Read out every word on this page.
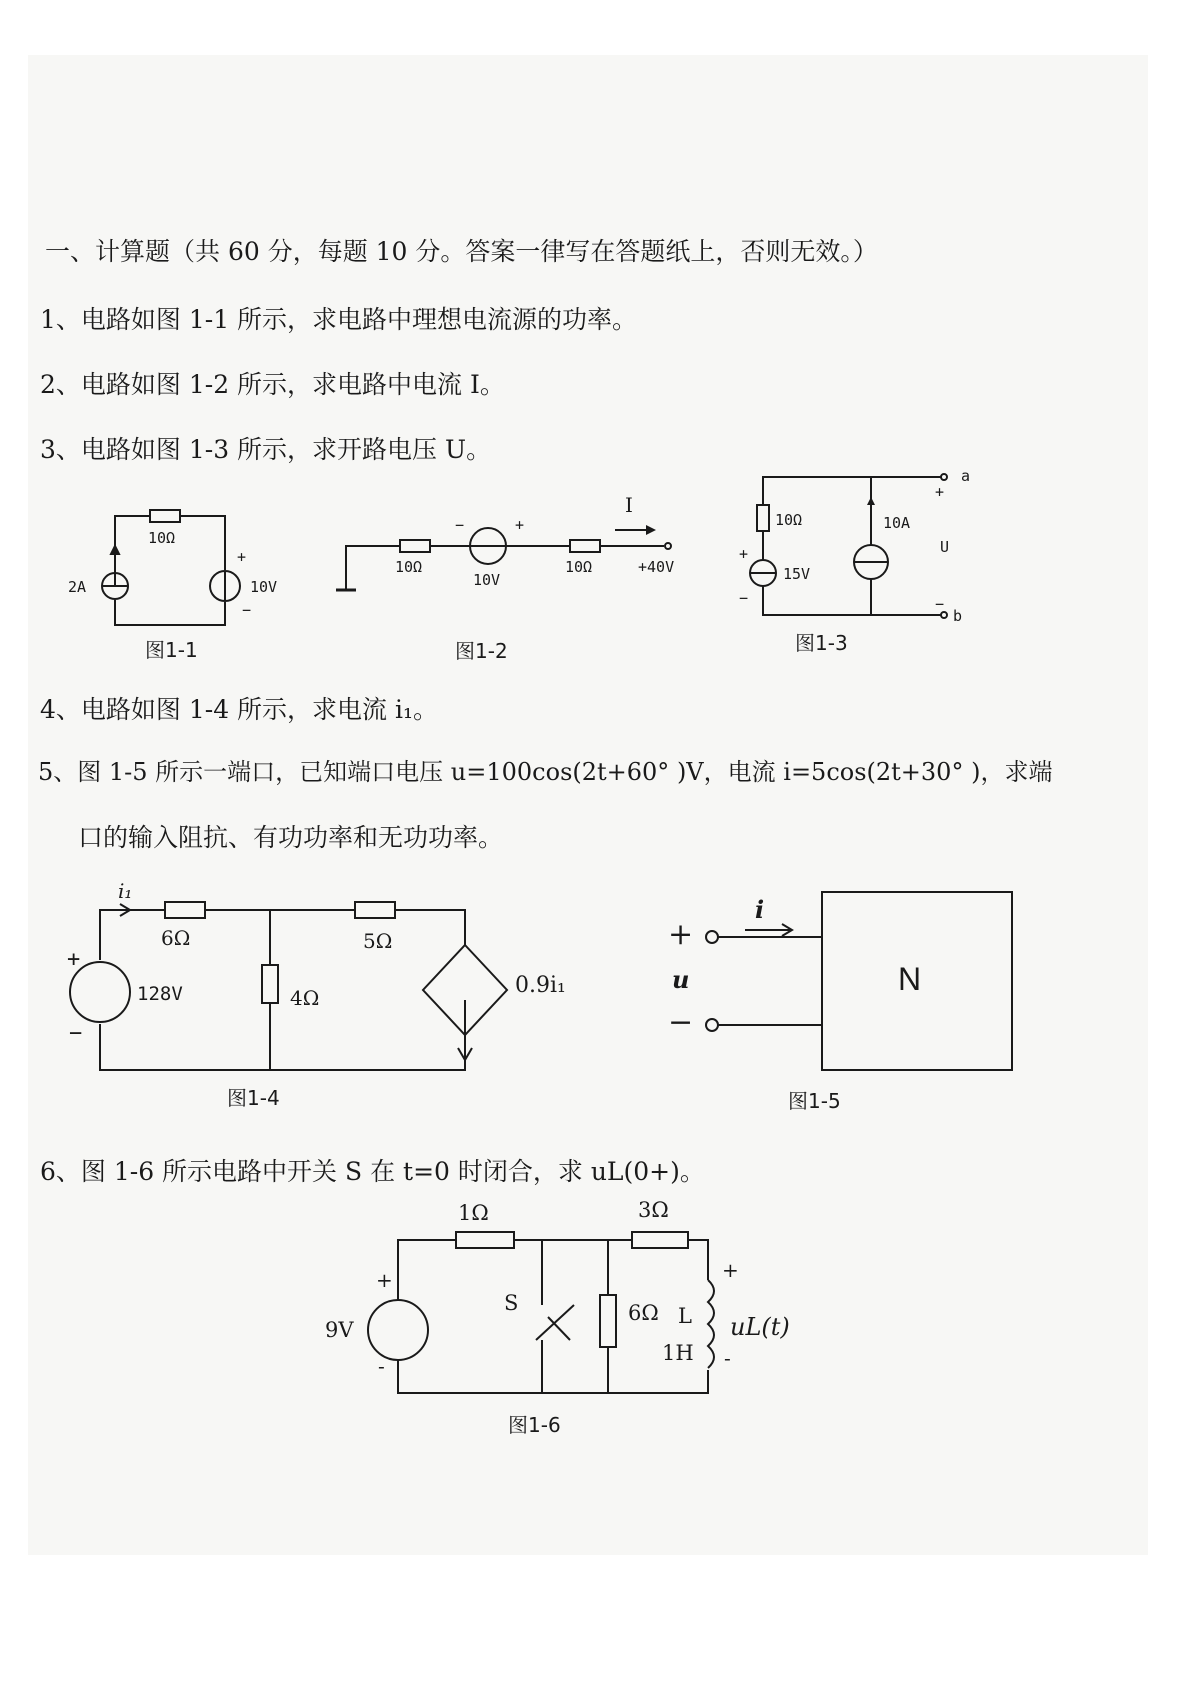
一、计算题（共 60 分，每题 10 分。答案一律写在答题纸上，否则无效。）
1、电路如图 1-1 所示，求电路中理想电流源的功率。
2、电路如图 1-2 所示，求电路中电流 I。
3、电路如图 1-3 所示，求开路电压 U。
4、电路如图 1-4 所示，求电流 i₁。
5、图 1-5 所示一端口，已知端口电压 u=100cos(2t+60° )V，电流 i=5cos(2t+30° )，求端
口的输入阻抗、有功功率和无功功率。
6、图 1-6 所示电路中开关 S 在 t=0 时闭合，求 uL(0+)。
10Ω
2A	10V
+
−
图1-1
I
10Ω
10V
10Ω	+40V
−	+
图1-2
10Ω
15V
10A
U
a
b
+
−
+
−
图1-3
i₁
6Ω	5Ω
4Ω
128V	0.9i₁
+
−
图1-4
+
i
u
−
N
图1-5
1Ω	3Ω
6Ω
9V
S
L
1H
uL(t)
+
-
+
-
图1-6
